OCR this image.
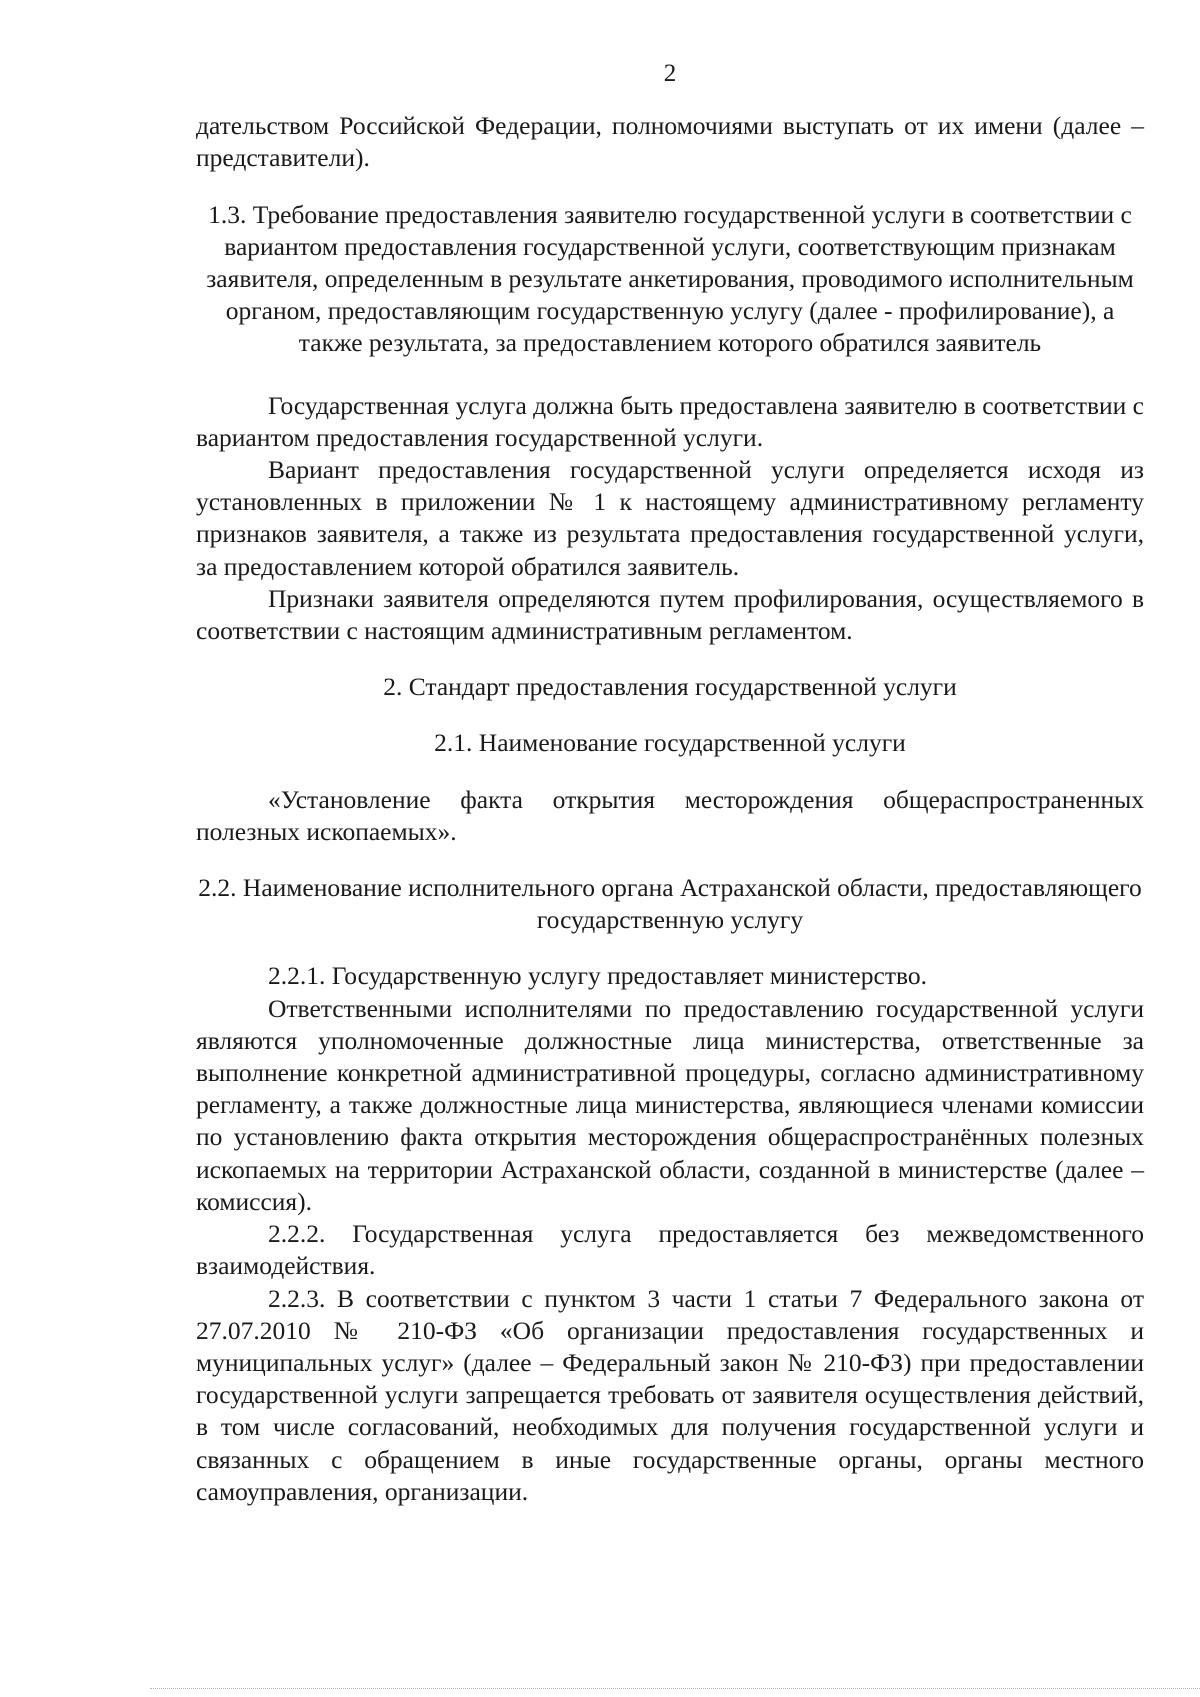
2

дательством Российской Федерации, полномочиями выступать от их имени (далее – представители).

1.3. Требование предоставления заявителю государственной услуги в соответствии с вариантом предоставления государственной услуги, соответствующим признакам заявителя, определенным в результате анкетирования, проводимого исполнительным органом, предоставляющим государственную услугу (далее - профилирование), а также результата, за предоставлением которого обратился заявитель

Государственная услуга должна быть предоставлена заявителю в соответствии с вариантом предоставления государственной услуги.

Вариант предоставления государственной услуги определяется исходя из установленных в приложении № 1 к настоящему административному регламенту признаков заявителя, а также из результата предоставления государственной услуги, за предоставлением которой обратился заявитель.

Признаки заявителя определяются путем профилирования, осуществляемого в соответствии с настоящим административным регламентом.

2. Стандарт предоставления государственной услуги

2.1. Наименование государственной услуги

«Установление факта открытия месторождения общераспространенных полезных ископаемых».

2.2. Наименование исполнительного органа Астраханской области, предоставляющего государственную услугу

2.2.1. Государственную услугу предоставляет министерство.

Ответственными исполнителями по предоставлению государственной услуги являются уполномоченные должностные лица министерства, ответственные за выполнение конкретной административной процедуры, согласно административному регламенту, а также должностные лица министерства, являющиеся членами комиссии по установлению факта открытия месторождения общераспространённых полезных ископаемых на территории Астраханской области, созданной в министерстве (далее – комиссия).

2.2.2. Государственная услуга предоставляется без межведомственного взаимодействия.

2.2.3. В соответствии с пунктом 3 части 1 статьи 7 Федерального закона от 27.07.2010 № 210-ФЗ «Об организации предоставления государственных и муниципальных услуг» (далее – Федеральный закон № 210-ФЗ) при предоставлении государственной услуги запрещается требовать от заявителя осуществления действий, в том числе согласований, необходимых для получения государственной услуги и связанных с обращением в иные государственные органы, органы местного самоуправления, организации.
